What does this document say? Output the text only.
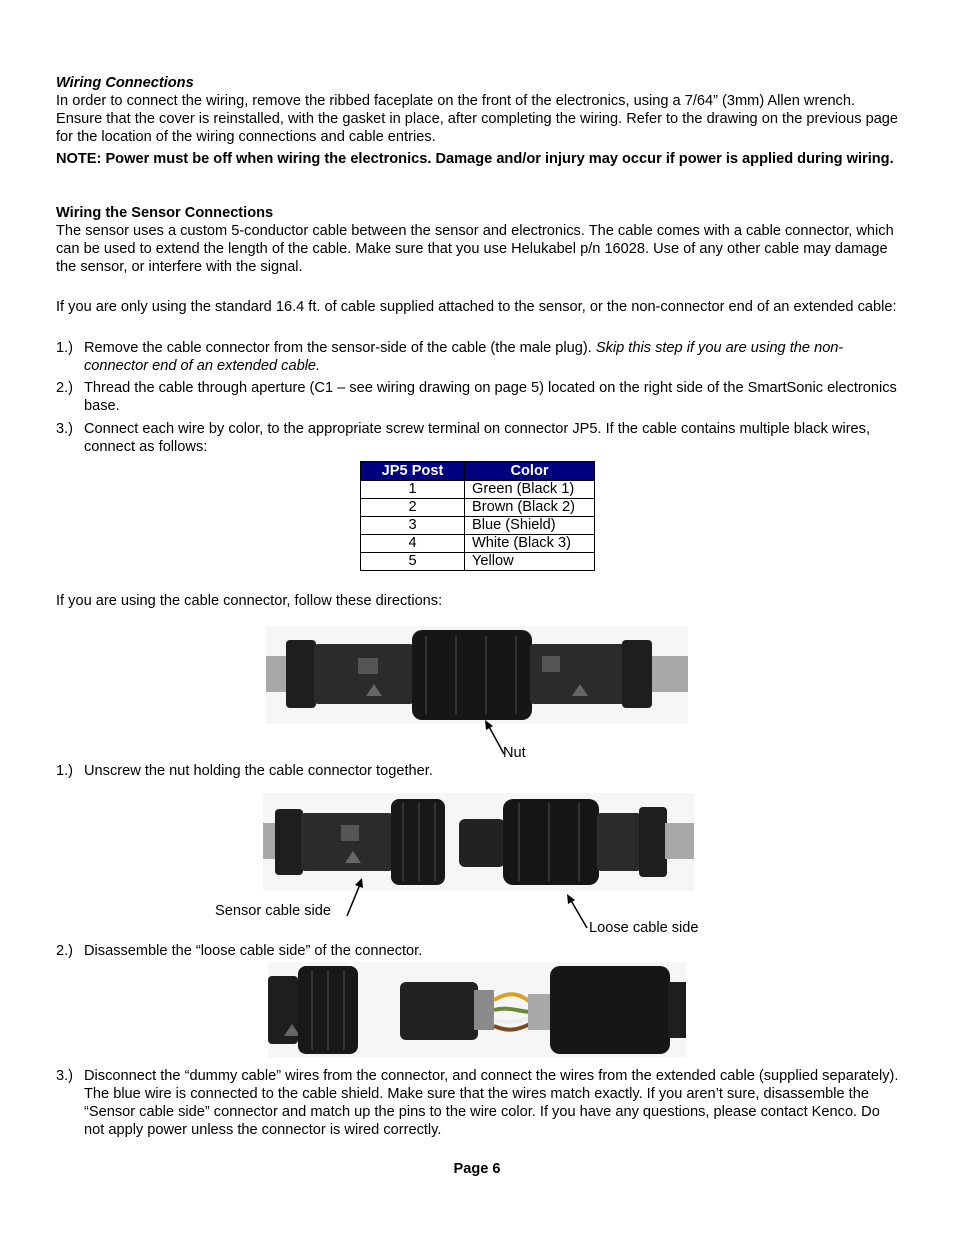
Wiring Connections
In order to connect the wiring, remove the ribbed faceplate on the front of the electronics, using a 7/64” (3mm) Allen wrench. Ensure that the cover is reinstalled, with the gasket in place, after completing the wiring. Refer to the drawing on the previous page for the location of the wiring connections and cable entries.
NOTE: Power must be off when wiring the electronics. Damage and/or injury may occur if power is applied during wiring.
Wiring the Sensor Connections
The sensor uses a custom 5-conductor cable between the sensor and electronics. The cable comes with a cable connector, which can be used to extend the length of the cable. Make sure that you use Helukabel p/n 16028. Use of any other cable may damage the sensor, or interfere with the signal.
If you are only using the standard 16.4 ft. of cable supplied attached to the sensor, or the non-connector end of an extended cable:
1.) Remove the cable connector from the sensor-side of the cable (the male plug). Skip this step if you are using the non-connector end of an extended cable.
2.) Thread the cable through aperture (C1 – see wiring drawing on page 5) located on the right side of the SmartSonic electronics base.
3.) Connect each wire by color, to the appropriate screw terminal on connector JP5. If the cable contains multiple black wires, connect as follows:
JP5 Post	Color
1	Green (Black 1)
2	Brown (Black 2)
3	Blue (Shield)
4	White (Black 3)
5	Yellow
If you are using the cable connector, follow these directions:
Nut
1.) Unscrew the nut holding the cable connector together.
Sensor cable side
Loose cable side
2.) Disassemble the “loose cable side” of the connector.
3.) Disconnect the “dummy cable” wires from the connector, and connect the wires from the extended cable (supplied separately). The blue wire is connected to the cable shield. Make sure that the wires match exactly. If you aren’t sure, disassemble the “Sensor cable side” connector and match up the pins to the wire color. If you have any questions, please contact Kenco. Do not apply power unless the connector is wired correctly.
Page 6
